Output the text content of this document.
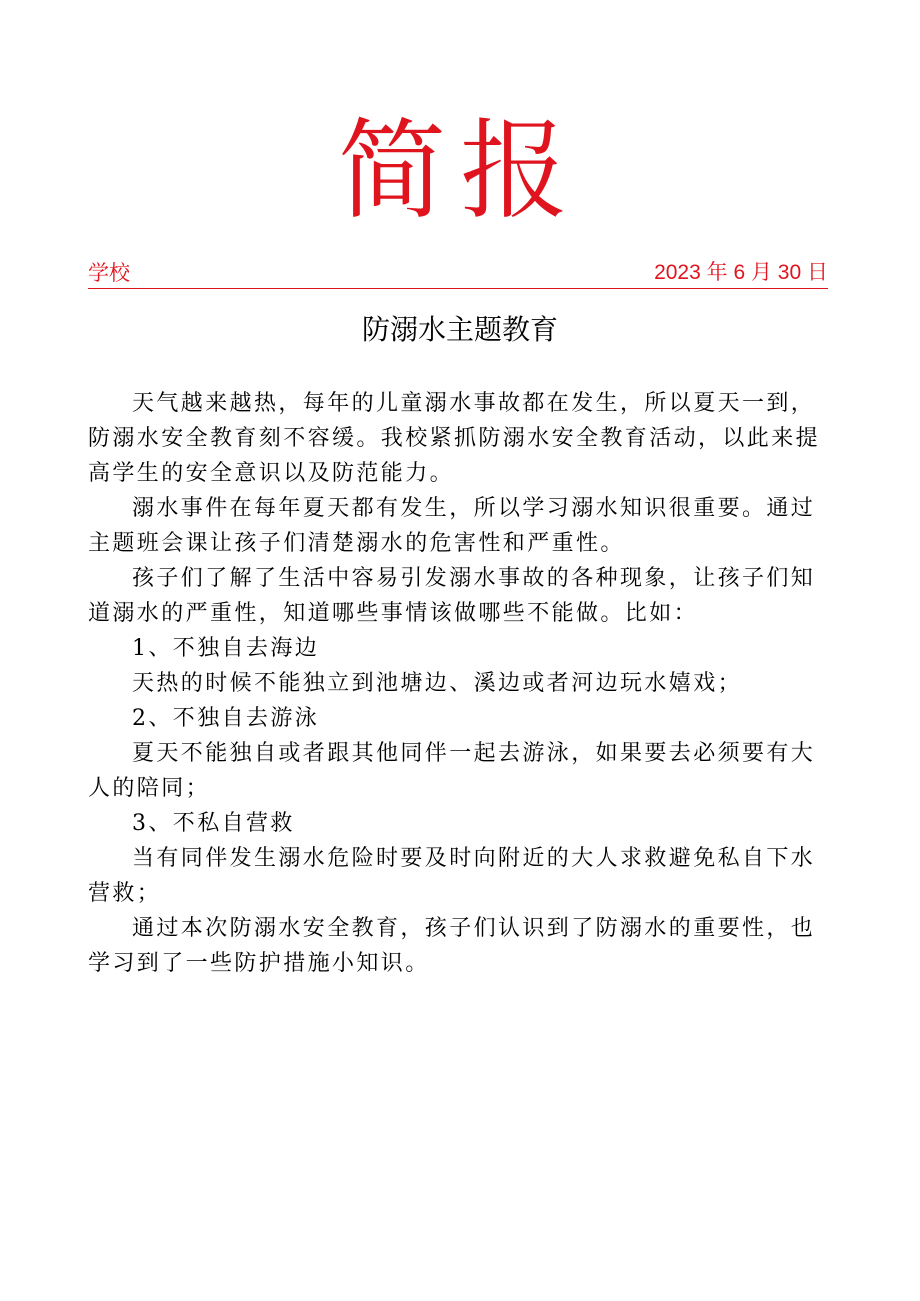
简报
学校	2023 年 6 月 30 日
防溺水主题教育

天气越来越热，每年的儿童溺水事故都在发生，所以夏天一到，防溺水安全教育刻不容缓。我校紧抓防溺水安全教育活动，以此来提高学生的安全意识以及防范能力。

溺水事件在每年夏天都有发生，所以学习溺水知识很重要。通过主题班会课让孩子们清楚溺水的危害性和严重性。

孩子们了解了生活中容易引发溺水事故的各种现象，让孩子们知道溺水的严重性，知道哪些事情该做哪些不能做。比如：

1、不独自去海边

天热的时候不能独立到池塘边、溪边或者河边玩水嬉戏；

2、不独自去游泳

夏天不能独自或者跟其他同伴一起去游泳，如果要去必须要有大人的陪同；

3、不私自营救

当有同伴发生溺水危险时要及时向附近的大人求救避免私自下水营救；

通过本次防溺水安全教育，孩子们认识到了防溺水的重要性，也学习到了一些防护措施小知识。
